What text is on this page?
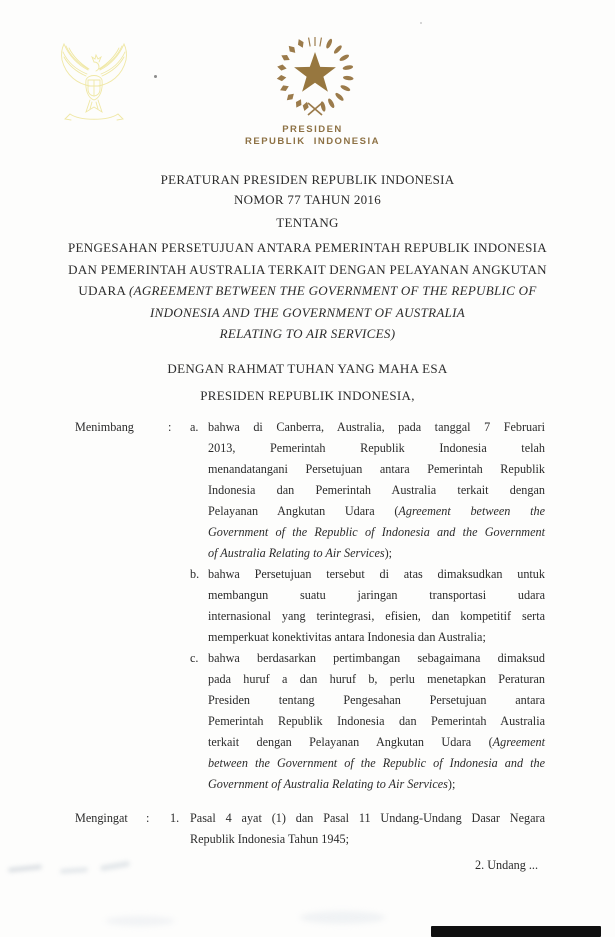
PRESIDEN
REPUBLIK INDONESIA
PERATURAN PRESIDEN REPUBLIK INDONESIA
NOMOR 77 TAHUN 2016
TENTANG
PENGESAHAN PERSETUJUAN ANTARA PEMERINTAH REPUBLIK INDONESIA
DAN PEMERINTAH AUSTRALIA TERKAIT DENGAN PELAYANAN ANGKUTAN
UDARA (AGREEMENT BETWEEN THE GOVERNMENT OF THE REPUBLIC OF
INDONESIA AND THE GOVERNMENT OF AUSTRALIA
RELATING TO AIR SERVICES)
DENGAN RAHMAT TUHAN YANG MAHA ESA
PRESIDEN REPUBLIK INDONESIA,
Menimbang	:	a. bahwa di Canberra, Australia, pada tanggal 7 Februari
2013, Pemerintah Republik Indonesia telah
menandatangani Persetujuan antara Pemerintah Republik
Indonesia dan Pemerintah Australia terkait dengan
Pelayanan Angkutan Udara (Agreement between the
Government of the Republic of Indonesia and the Government
of Australia Relating to Air Services);
b. bahwa Persetujuan tersebut di atas dimaksudkan untuk
membangun suatu jaringan transportasi udara
internasional yang terintegrasi, efisien, dan kompetitif serta
memperkuat konektivitas antara Indonesia dan Australia;
c. bahwa berdasarkan pertimbangan sebagaimana dimaksud
pada huruf a dan huruf b, perlu menetapkan Peraturan
Presiden tentang Pengesahan Persetujuan antara
Pemerintah Republik Indonesia dan Pemerintah Australia
terkait dengan Pelayanan Angkutan Udara (Agreement
between the Government of the Republic of Indonesia and the
Government of Australia Relating to Air Services);
Mengingat :	1. Pasal 4 ayat (1) dan Pasal 11 Undang-Undang Dasar Negara
Republik Indonesia Tahun 1945;
2. Undang ...
